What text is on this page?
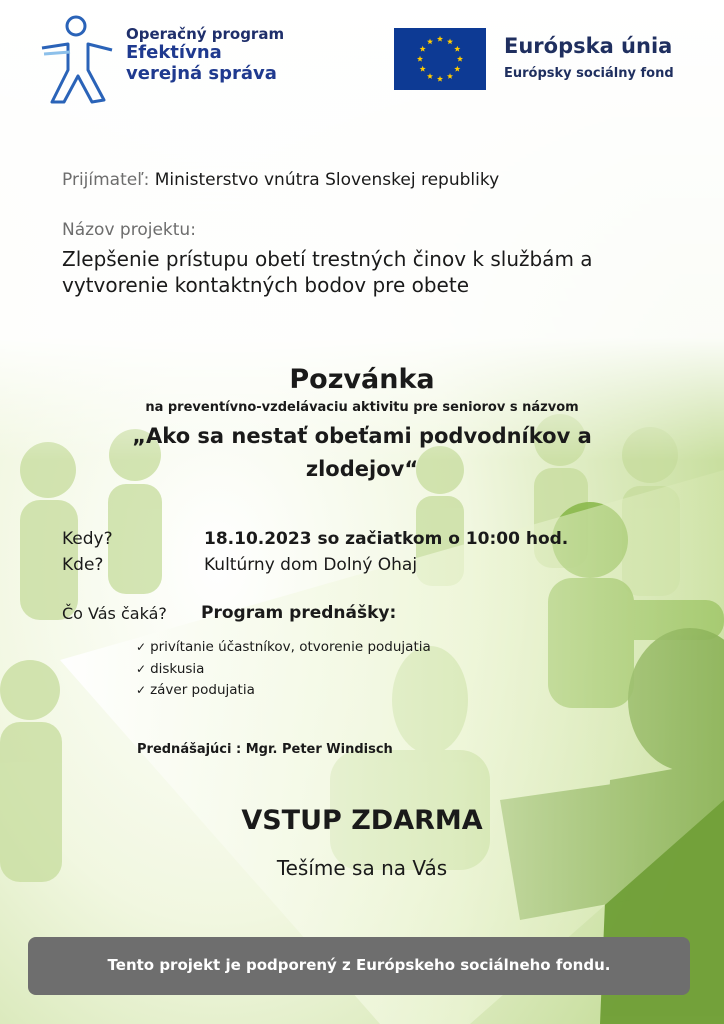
Operačný program
Efektívna
verejná správa
Európska únia
Európsky sociálny fond
Prijímateľ: Ministerstvo vnútra Slovenskej republiky
Názov projektu:
Zlepšenie prístupu obetí trestných činov k službám a vytvorenie kontaktných bodov pre obete
Pozvánka
na preventívno-vzdelávaciu aktivitu pre seniorov s názvom
„Ako sa nestať obeťami podvodníkov a zlodejov“
Kedy?	18.10.2023 so začiatkom o 10:00 hod.
Kde?	Kultúrny dom Dolný Ohaj
Čo Vás čaká? Program prednášky:
✓ privítanie účastníkov, otvorenie podujatia
✓ diskusia
✓ záver podujatia
Prednášajúci : Mgr. Peter Windisch
VSTUP ZDARMA
Tešíme sa na Vás
Tento projekt je podporený z Európskeho sociálneho fondu.
